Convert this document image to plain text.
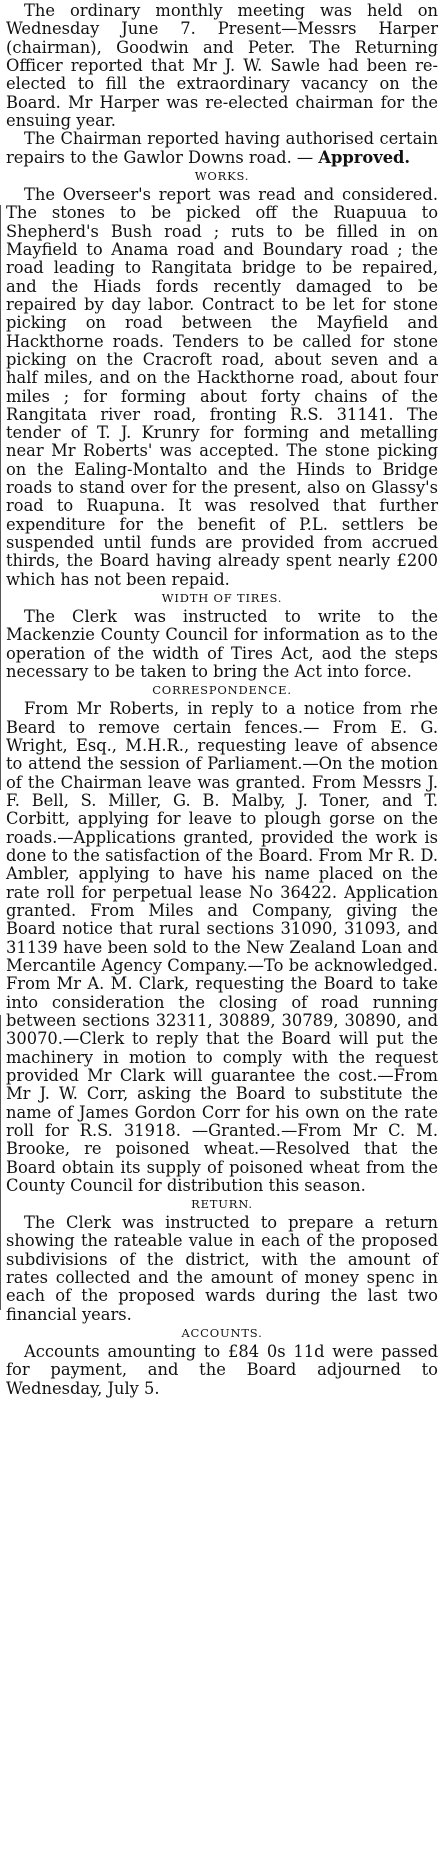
The ordinary monthly meeting was held on Wednesday June 7. Present—Messrs Harper (chairman), Goodwin and Peter. The Returning Officer reported that Mr J. W. Sawle had been re-elected to fill the extraordinary vacancy on the Board. Mr Harper was re-elected chairman for the ensuing year.

The Chairman reported having authorised certain repairs to the Gawlor Downs road. — Approved.

WORKS.

The Overseer's report was read and considered. The stones to be picked off the Ruapuua to Shepherd's Bush road ; ruts to be filled in on Mayfield to Anama road and Boundary road ; the road leading to Rangitata bridge to be repaired, and the Hiads fords recently damaged to be repaired by day labor. Contract to be let for stone picking on road between the Mayfield and Hackthorne roads. Tenders to be called for stone picking on the Cracroft road, about seven and a half miles, and on the Hackthorne road, about four miles ; for forming about forty chains of the Rangitata river road, fronting R.S. 31141. The tender of T. J. Krunry for forming and metalling near Mr Roberts' was accepted. The stone picking on the Ealing-Montalto and the Hinds to Bridge roads to stand over for the present, also on Glassy's road to Ruapuna. It was resolved that further expenditure for the benefit of P.L. settlers be suspended until funds are provided from accrued thirds, the Board having already spent nearly £200 which has not been repaid.

WIDTH OF TIRES.

The Clerk was instructed to write to the Mackenzie County Council for information as to the operation of the width of Tires Act, aod the steps necessary to be taken to bring the Act into force.

CORRESPONDENCE.

From Mr Roberts, in reply to a notice from rhe Beard to remove certain fences.— From E. G. Wright, Esq., M.H.R., requesting leave of absence to attend the session of Parliament.—On the motion of the Chairman leave was granted. From Messrs J. F. Bell, S. Miller, G. B. Malby, J. Toner, and T. Corbitt, applying for leave to plough gorse on the roads.—Applications granted, provided the work is done to the satisfaction of the Board. From Mr R. D. Ambler, applying to have his name placed on the rate roll for perpetual lease No 36422. Application granted. From Miles and Company, giving the Board notice that rural sections 31090, 31093, and 31139 have been sold to the New Zealand Loan and Mercantile Agency Company.—To be acknowledged. From Mr A. M. Clark, requesting the Board to take into consideration the closing of road running between sections 32311, 30889, 30789, 30890, and 30070.—Clerk to reply that the Board will put the machinery in motion to comply with the request provided Mr Clark will guarantee the cost.—From Mr J. W. Corr, asking the Board to substitute the name of James Gordon Corr for his own on the rate roll for R.S. 31918. —Granted.—From Mr C. M. Brooke, re poisoned wheat.—Resolved that the Board obtain its supply of poisoned wheat from the County Council for distribution this season.

RETURN.

The Clerk was instructed to prepare a return showing the rateable value in each of the proposed subdivisions of the district, with the amount of rates collected and the amount of money spenc in each of the proposed wards during the last two financial years.

ACCOUNTS.

Accounts amounting to £84 0s 11d were passed for payment, and the Board adjourned to Wednesday, July 5.
